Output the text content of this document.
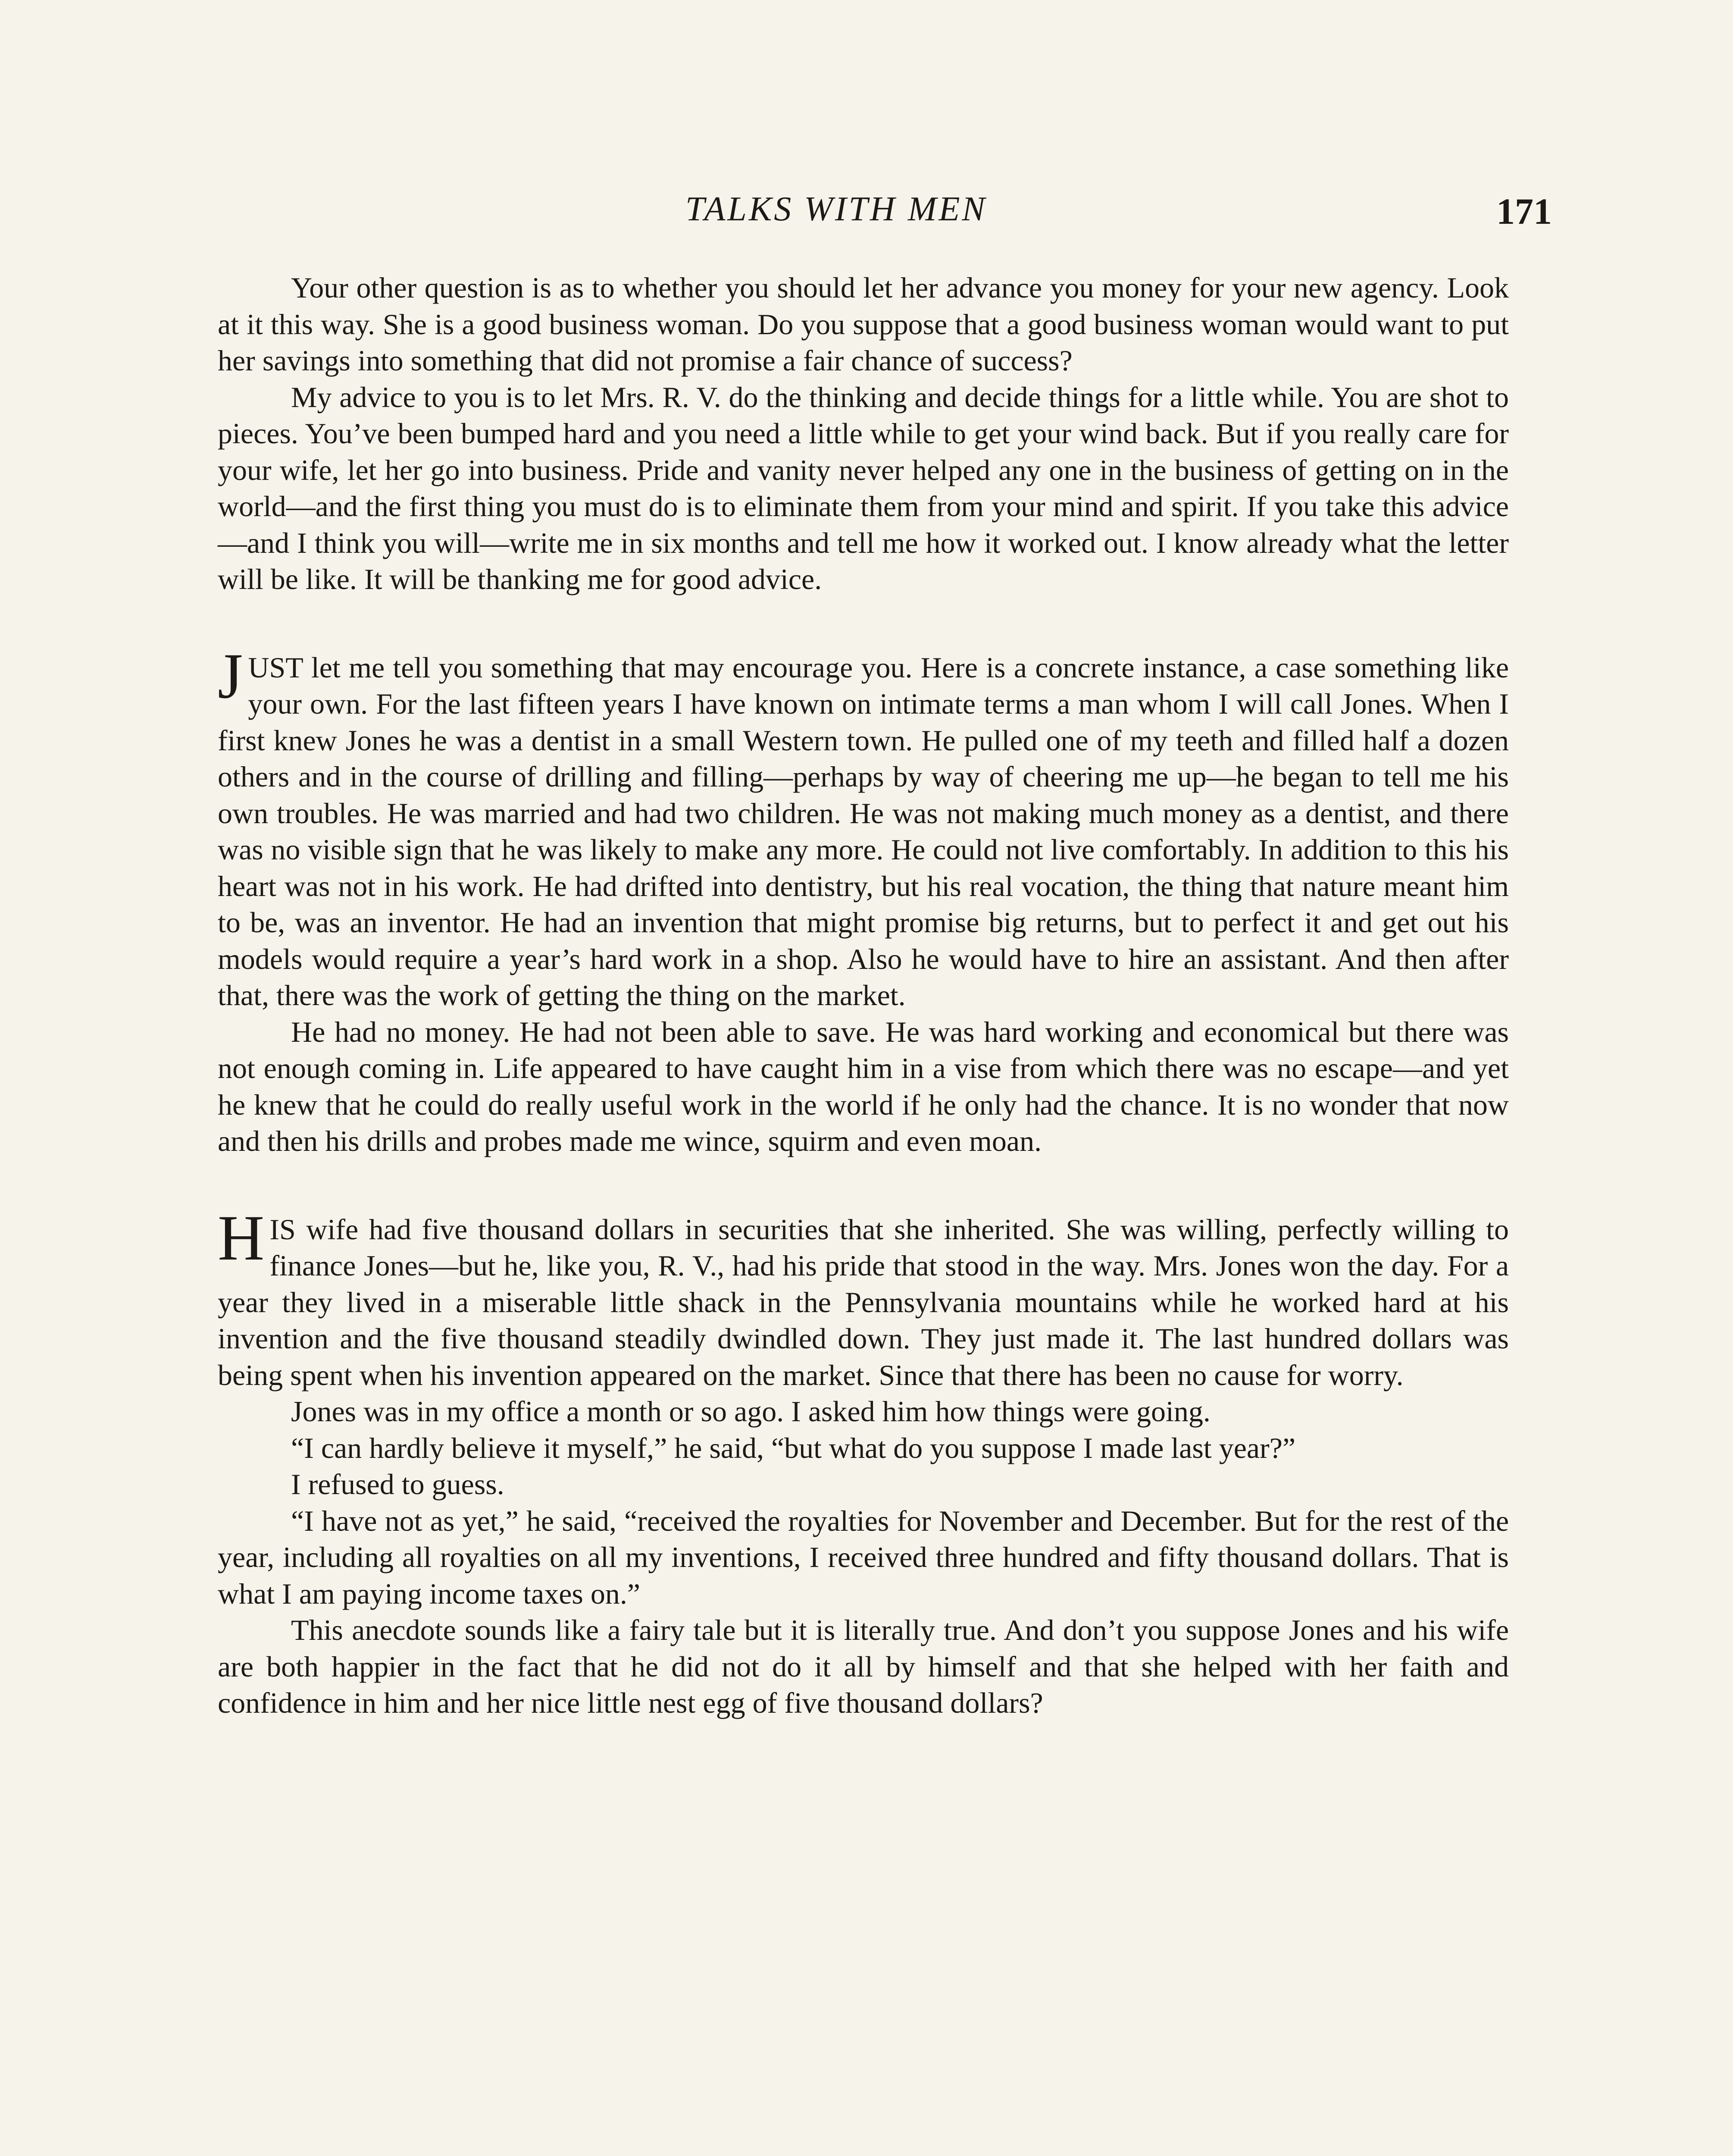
TALKS WITH MEN	171

Your other question is as to whether you should let her advance you money for your new agency. Look at it this way. She is a good business woman. Do you suppose that a good business woman would want to put her savings into something that did not promise a fair chance of success?

My advice to you is to let Mrs. R. V. do the thinking and decide things for a little while. You are shot to pieces. You’ve been bumped hard and you need a little while to get your wind back. But if you really care for your wife, let her go into business. Pride and vanity never helped any one in the business of getting on in the world—and the first thing you must do is to eliminate them from your mind and spirit. If you take this advice—and I think you will—write me in six months and tell me how it worked out. I know already what the letter will be like. It will be thanking me for good advice.

JUST let me tell you something that may encourage you. Here is a concrete instance, a case something like your own. For the last fifteen years I have known on intimate terms a man whom I will call Jones. When I first knew Jones he was a dentist in a small Western town. He pulled one of my teeth and filled half a dozen others and in the course of drilling and filling—perhaps by way of cheering me up—he began to tell me his own troubles. He was married and had two children. He was not making much money as a dentist, and there was no visible sign that he was likely to make any more. He could not live comfortably. In addition to this his heart was not in his work. He had drifted into dentistry, but his real vocation, the thing that nature meant him to be, was an inventor. He had an invention that might promise big returns, but to perfect it and get out his models would require a year’s hard work in a shop. Also he would have to hire an assistant. And then after that, there was the work of getting the thing on the market.

He had no money. He had not been able to save. He was hard working and economical but there was not enough coming in. Life appeared to have caught him in a vise from which there was no escape—and yet he knew that he could do really useful work in the world if he only had the chance. It is no wonder that now and then his drills and probes made me wince, squirm and even moan.

HIS wife had five thousand dollars in securities that she inherited. She was willing, perfectly willing to finance Jones—but he, like you, R. V., had his pride that stood in the way. Mrs. Jones won the day. For a year they lived in a miserable little shack in the Pennsylvania mountains while he worked hard at his invention and the five thousand steadily dwindled down. They just made it. The last hundred dollars was being spent when his invention appeared on the market. Since that there has been no cause for worry.

Jones was in my office a month or so ago. I asked him how things were going.

“I can hardly believe it myself,” he said, “but what do you suppose I made last year?”

I refused to guess.

“I have not as yet,” he said, “received the royalties for November and December. But for the rest of the year, including all royalties on all my inventions, I received three hundred and fifty thousand dollars. That is what I am paying income taxes on.”

This anecdote sounds like a fairy tale but it is literally true. And don’t you suppose Jones and his wife are both happier in the fact that he did not do it all by himself and that she helped with her faith and confidence in him and her nice little nest egg of five thousand dollars?
